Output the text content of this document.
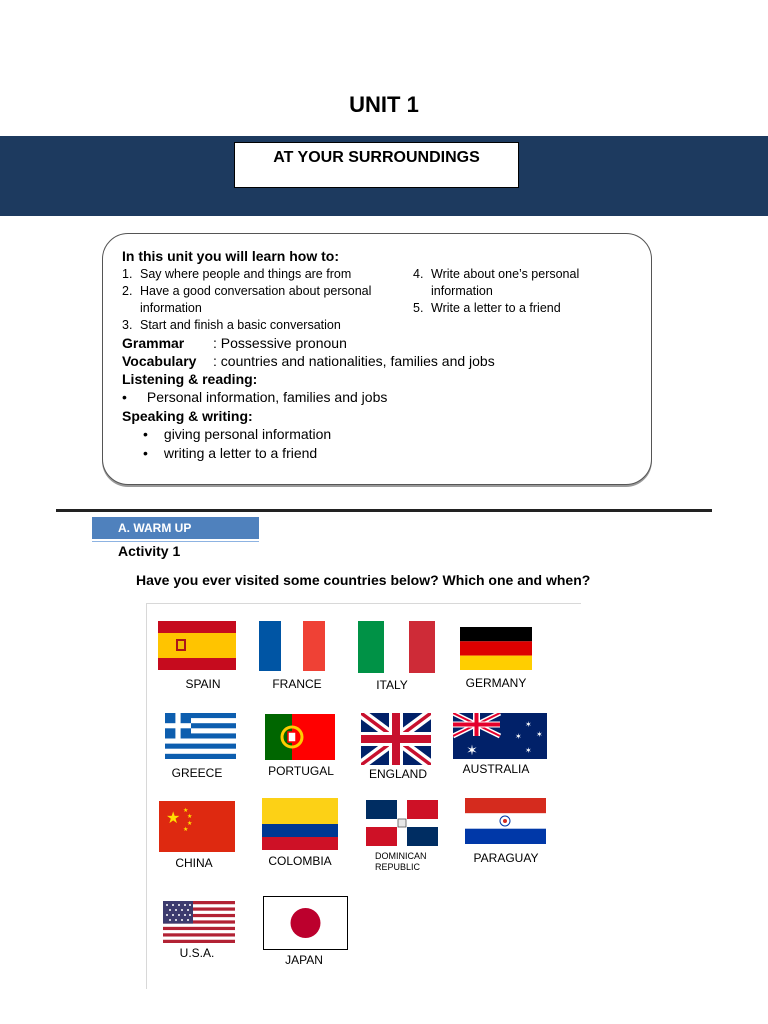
UNIT 1
AT YOUR SURROUNDINGS
In this unit you will learn how to:
1. Say where people and things are from
2. Have a good conversation about personal
information
3. Start and finish a basic conversation
4. Write about one’s personal
information
5. Write a letter to a friend
Grammar : Possessive pronoun
Vocabulary : countries and nationalities, families and jobs
Listening & reading:
• Personal information, families and jobs
Speaking & writing:
• giving personal information
• writing a letter to a friend
A. WARM UP
Activity 1
Have you ever visited some countries below? Which one and when?
SPAIN	FRANCE	ITALY	GERMANY
GREECE	PORTUGAL	ENGLAND
✶	✶
✶
✶
✶
AUSTRALIA
★ ★
★
★
★
CHINA	COLOMBIA	DOMINICAN REPUBLIC
PARAGUAY
U.S.A.	JAPAN
